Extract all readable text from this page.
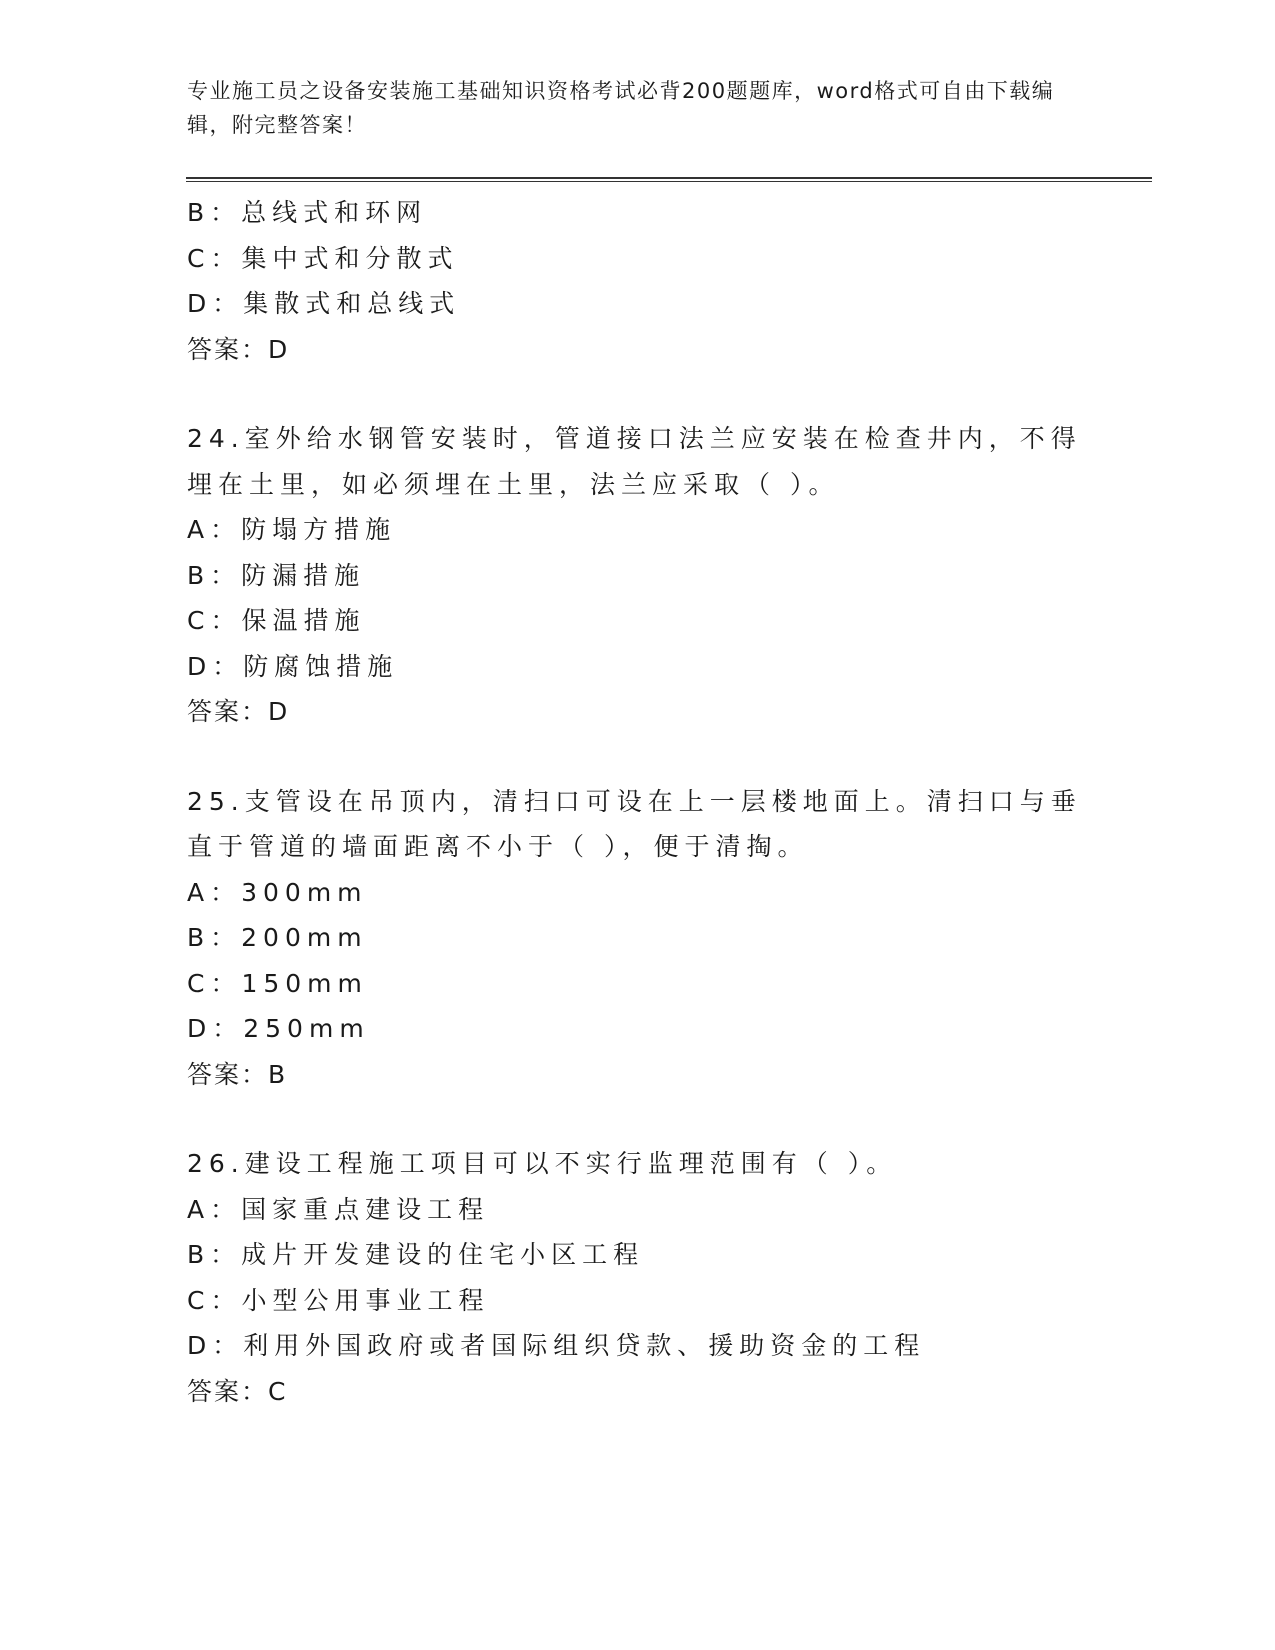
专业施工员之设备安装施工基础知识资格考试必背200题题库，word格式可自由下载编辑，附完整答案！
B：总线式和环网
C：集中式和分散式
D：集散式和总线式
答案：D
24.室外给水钢管安装时，管道接口法兰应安装在检查井内，不得埋在土里，如必须埋在土里，法兰应采取（ ）。
A：防塌方措施
B：防漏措施
C：保温措施
D：防腐蚀措施
答案：D
25.支管设在吊顶内，清扫口可设在上一层楼地面上。清扫口与垂直于管道的墙面距离不小于（ ），便于清掏。
A：300mm
B：200mm
C：150mm
D：250mm
答案：B
26.建设工程施工项目可以不实行监理范围有（ ）。
A：国家重点建设工程
B：成片开发建设的住宅小区工程
C：小型公用事业工程
D：利用外国政府或者国际组织贷款、援助资金的工程
答案：C
